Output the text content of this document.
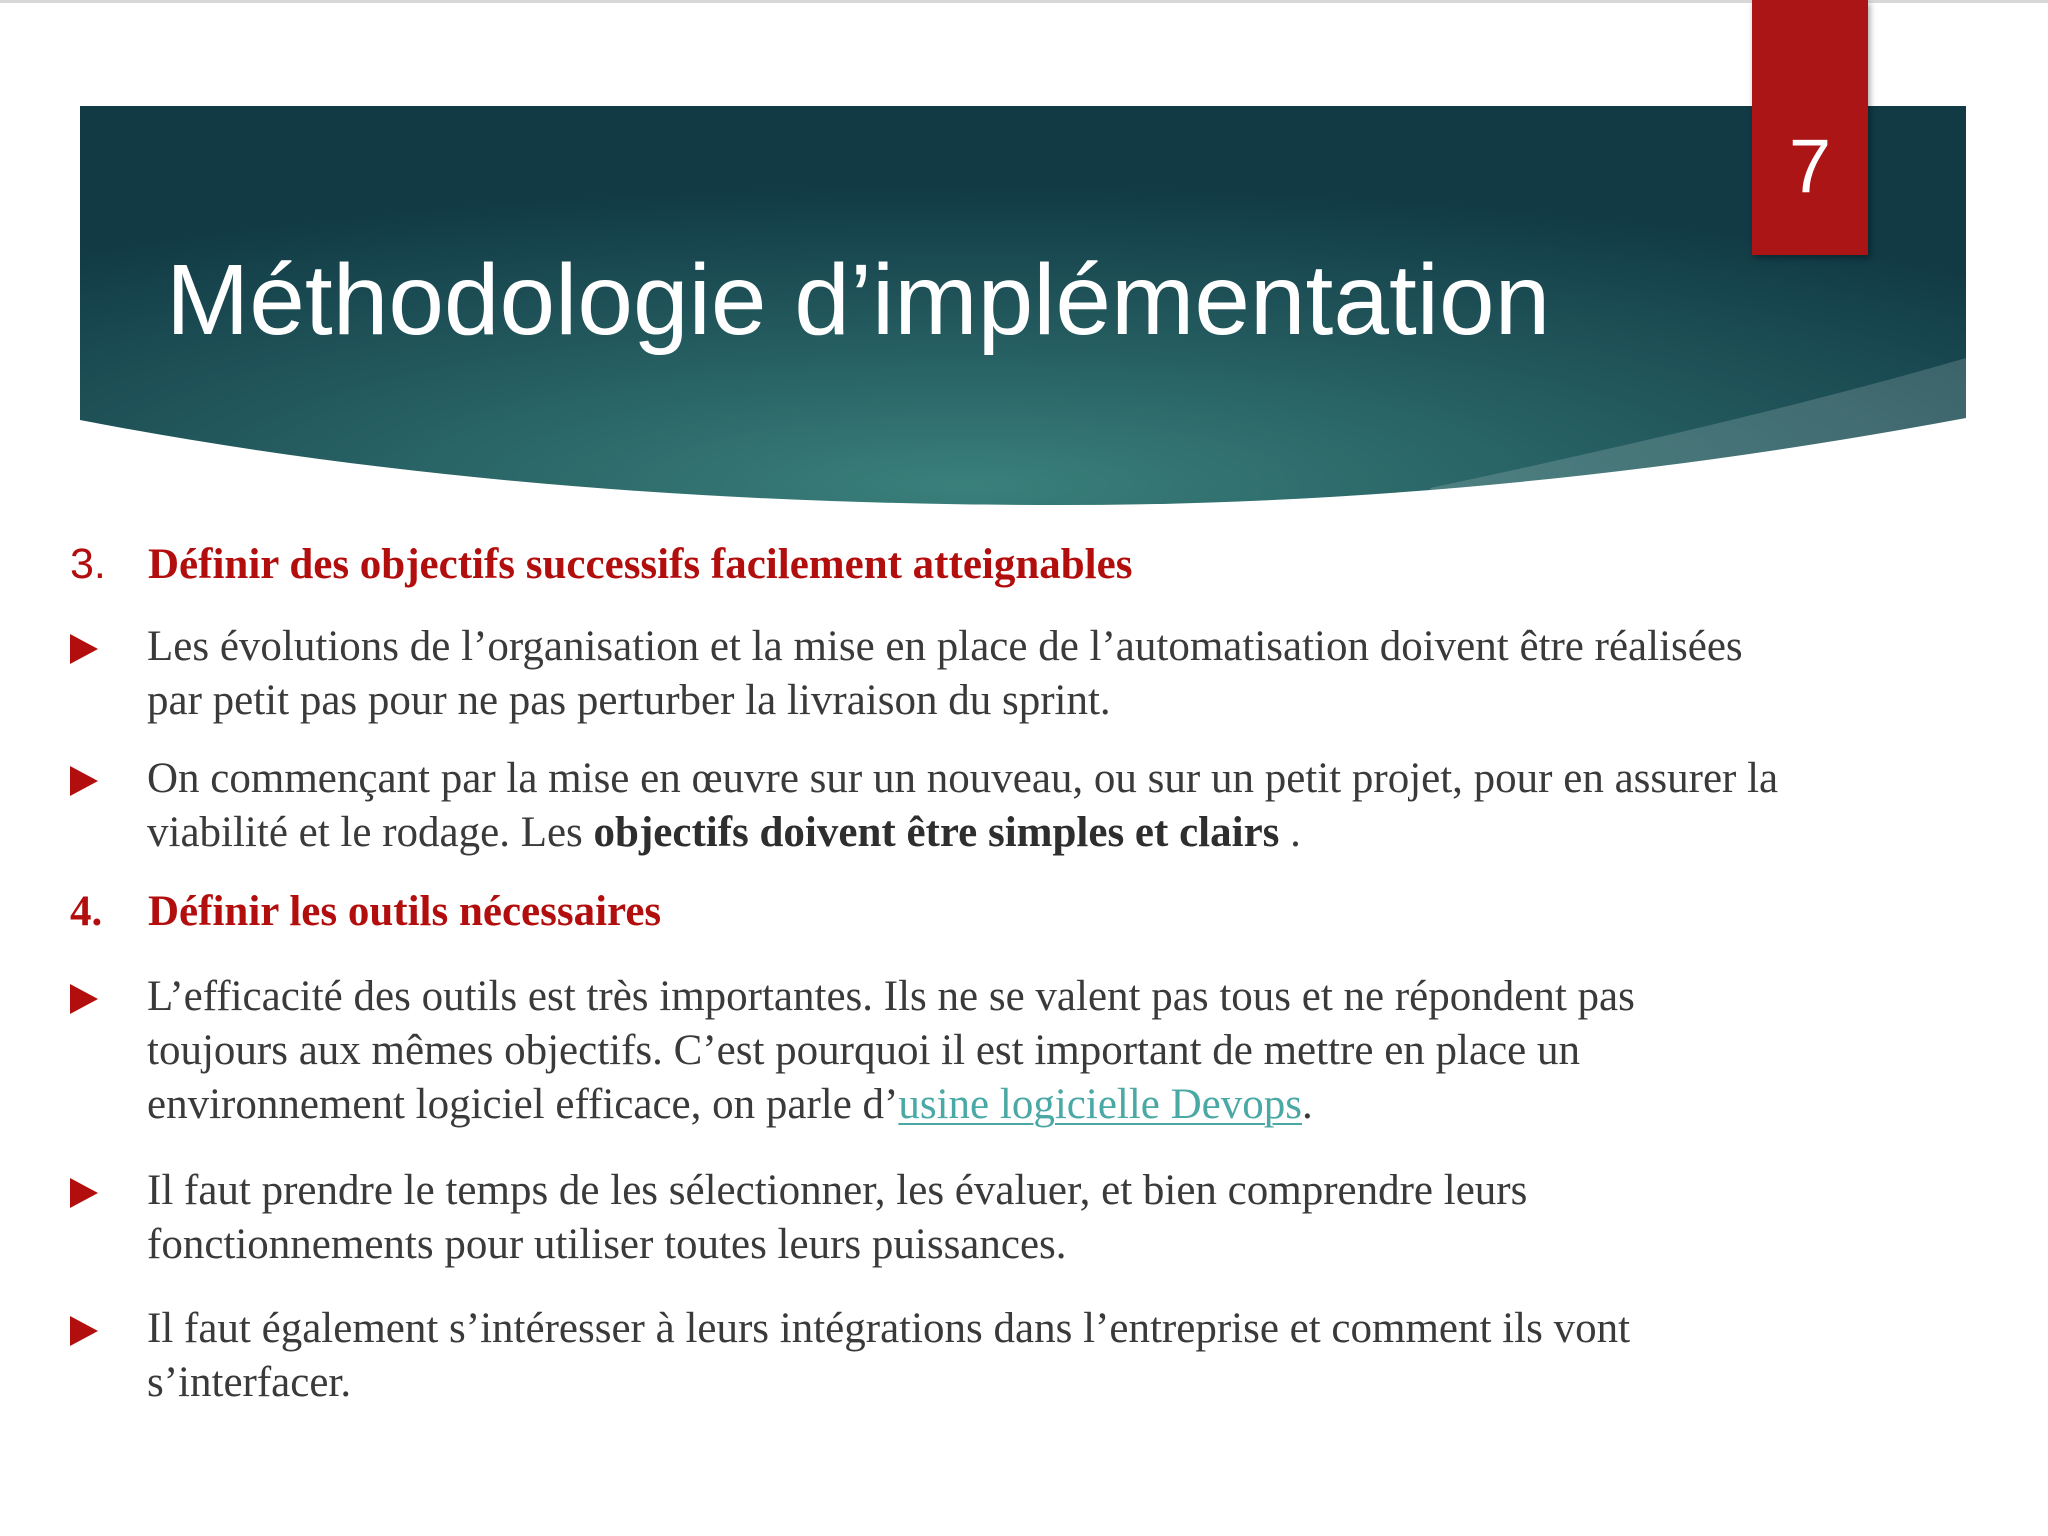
7
Méthodologie d’implémentation
3. Définir des objectifs successifs facilement atteignables
Les évolutions de l’organisation et la mise en place de l’automatisation doivent être réalisées
par petit pas pour ne pas perturber la livraison du sprint.
On commençant par la mise en œuvre sur un nouveau, ou sur un petit projet, pour en assurer la
viabilité et le rodage. Les objectifs doivent être simples et clairs .
4. Définir les outils nécessaires
L’efficacité des outils est très importantes. Ils ne se valent pas tous et ne répondent pas
toujours aux mêmes objectifs. C’est pourquoi il est important de mettre en place un
environnement logiciel efficace, on parle d’usine logicielle Devops.
Il faut prendre le temps de les sélectionner, les évaluer, et bien comprendre leurs
fonctionnements pour utiliser toutes leurs puissances.
Il faut également s’intéresser à leurs intégrations dans l’entreprise et comment ils vont
s’interfacer.
